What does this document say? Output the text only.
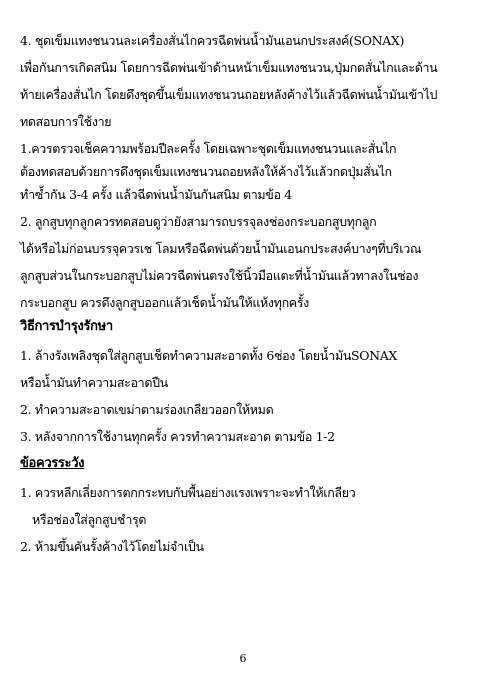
4. ชุดเข็มแทงชนวนละเครื่องสั่นไกควรฉีดพ่นน้ำมันเอนกประสงค์(SONAX)
เพื่อกันการเกิดสนิม โดยการฉีดพ่นเข้าด้านหน้าเข็มแทงชนวน,ปุ่มกดสั่นไกและด้าน
ท้ายเครื่องสั่นไก โดยดึงชุดขึ้นเข็มแทงชนวนถอยหลังค้างไว้แล้วฉีดพ่นน้ำมันเข้าไป
ทดสอบการใช้งาย
1.ควรตรวจเช็คความพร้อมปีละครั้ง โดยเฉพาะชุดเข็มแทงชนวนและสั่นไก
ต้องทดสอบด้วยการดึงชุดเข็มแทงชนวนถอยหลังให้ค้างไว้แล้วกดปุ่มสั่นไก
ทำซ้ำกัน 3-4 ครั้ง แล้วฉีดพ่นน้ำมันกันสนิม ตามข้อ 4
2. ลูกสูบทุกลูกควรทดสอบดูว่ายังสามารถบรรจุลงช่องกระบอกสูบทุกลูก
ได้หรือไม่ก่อนบรรจุควรเช โลมหรือฉีดพ่นด้วยน้ำมันเอนกประสงค์บางๆที่บริเวณ
ลูกสูบส่วนในกระบอกสูบไม่ควรฉีดพ่นตรงใช้นิ้วมือแตะที่น้ำมันแล้วทาลงในช่อง
กระบอกสูบ ควรดึงลูกสูบออกแล้วเช็ดน้ำมันให้แห้งทุกครั้ง
วิธีการบำรุงรักษา
1. ล้างรังเพลิงชุดใส่ลูกสูบเช็ดทำความสะอาดทั้ง 6ช่อง โดยน้ำมันSONAX
หรือน้ำมันทำความสะอาดปืน
2. ทำความสะอาดเขม่าตามร่องเกลียวออกให้หมด
3. หลังจากการใช้งานทุกครั้ง ควรทำความสะอาด ตามข้อ 1-2
ข้อควรระวัง
1. ควรหลีกเลี่ยงการตกกระทบกับพื้นอย่างแรงเพราะจะทำให้เกลียว
หรือช่องใส่ลูกสูบชำรุด
2. ห้ามขึ้นคันรั้งค้างไว้โดยไม่จำเป็น
6
